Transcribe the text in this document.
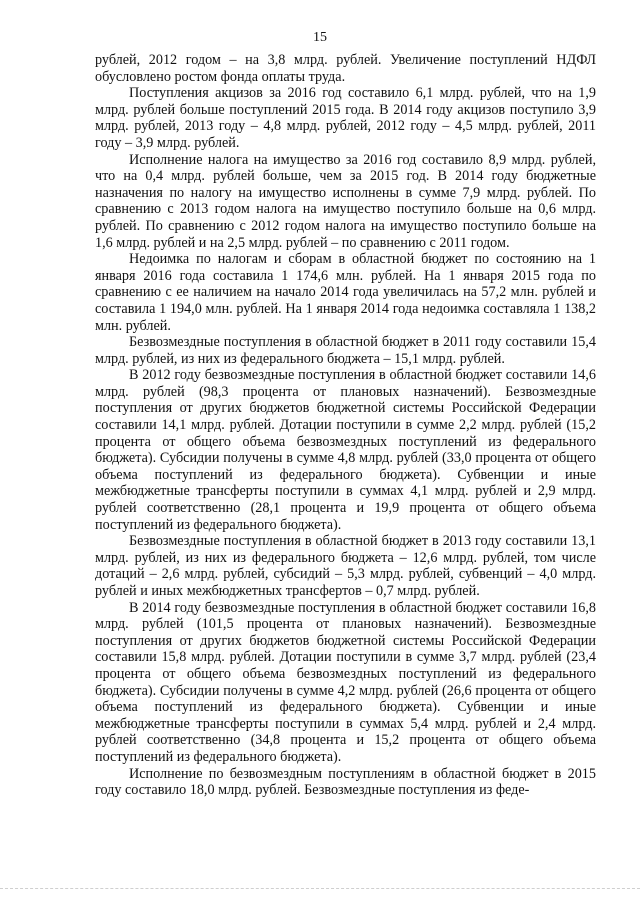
15

рублей, 2012 годом – на 3,8 млрд. рублей. Увеличение поступлений НДФЛ обусловлено ростом фонда оплаты труда.

Поступления акцизов за 2016 год составило 6,1 млрд. рублей, что на 1,9 млрд. рублей больше поступлений 2015 года. В 2014 году акцизов поступило 3,9 млрд. рублей, 2013 году – 4,8 млрд. рублей, 2012 году – 4,5 млрд. рублей, 2011 году – 3,9 млрд. рублей.

Исполнение налога на имущество за 2016 год составило 8,9 млрд. рублей, что на 0,4 млрд. рублей больше, чем за 2015 год. В 2014 году бюджетные назначения по налогу на имущество исполнены в сумме 7,9 млрд. рублей. По сравнению с 2013 годом налога на имущество поступило больше на 0,6 млрд. рублей. По сравнению с 2012 годом налога на имущество поступило больше на 1,6 млрд. рублей и на 2,5 млрд. рублей – по сравнению с 2011 годом.

Недоимка по налогам и сборам в областной бюджет по состоянию на 1 января 2016 года составила 1 174,6 млн. рублей. На 1 января 2015 года по сравнению с ее наличием на начало 2014 года увеличилась на 57,2 млн. рублей и составила 1 194,0 млн. рублей. На 1 января 2014 года недоимка составляла 1 138,2 млн. рублей.

Безвозмездные поступления в областной бюджет в 2011 году составили 15,4 млрд. рублей, из них из федерального бюджета – 15,1 млрд. рублей.

В 2012 году безвозмездные поступления в областной бюджет составили 14,6 млрд. рублей (98,3 процента от плановых назначений). Безвозмездные поступления от других бюджетов бюджетной системы Российской Федерации составили 14,1 млрд. рублей. Дотации поступили в сумме 2,2 млрд. рублей (15,2 процента от общего объема безвозмездных поступлений из федерального бюджета). Субсидии получены в сумме 4,8 млрд. рублей (33,0 процента от общего объема поступлений из федерального бюджета). Субвенции и иные межбюджетные трансферты поступили в суммах 4,1 млрд. рублей и 2,9 млрд. рублей соответственно (28,1 процента и 19,9 процента от общего объема поступлений из федерального бюджета).

Безвозмездные поступления в областной бюджет в 2013 году составили 13,1 млрд. рублей, из них из федерального бюджета – 12,6 млрд. рублей, том числе дотаций – 2,6 млрд. рублей, субсидий – 5,3 млрд. рублей, субвенций – 4,0 млрд. рублей и иных межбюджетных трансфертов – 0,7 млрд. рублей.

В 2014 году безвозмездные поступления в областной бюджет составили 16,8 млрд. рублей (101,5 процента от плановых назначений). Безвозмездные поступления от других бюджетов бюджетной системы Российской Федерации составили 15,8 млрд. рублей. Дотации поступили в сумме 3,7 млрд. рублей (23,4 процента от общего объема безвозмездных поступлений из федерального бюджета). Субсидии получены в сумме 4,2 млрд. рублей (26,6 процента от общего объема поступлений из федерального бюджета). Субвенции и иные межбюджетные трансферты поступили в суммах 5,4 млрд. рублей и 2,4 млрд. рублей соответственно (34,8 процента и 15,2 процента от общего объема поступлений из федерального бюджета).

Исполнение по безвозмездным поступлениям в областной бюджет в 2015 году составило 18,0 млрд. рублей. Безвозмездные поступления из феде-
